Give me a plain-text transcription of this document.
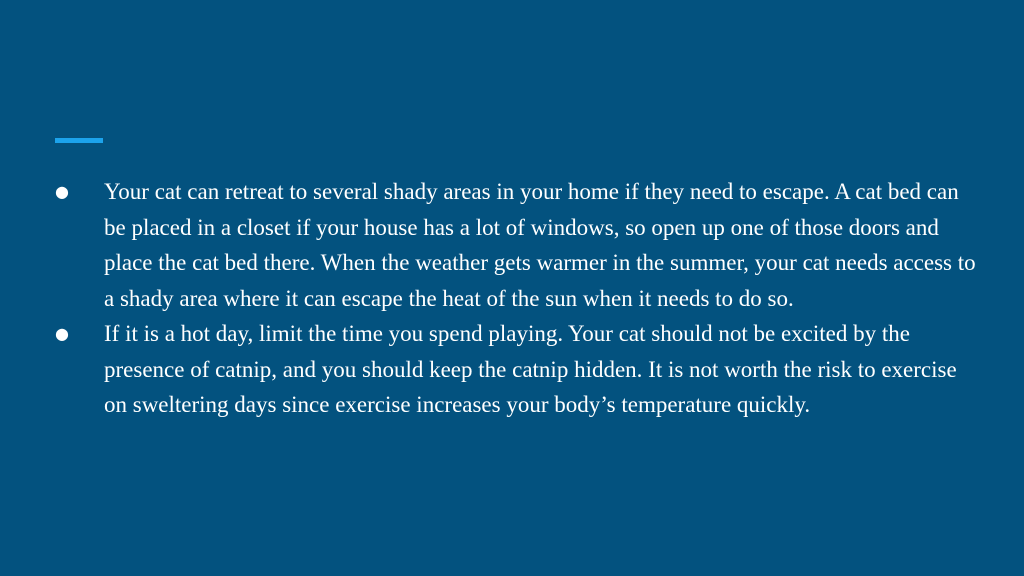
● Your cat can retreat to several shady areas in your home if they need to escape. A cat bed can be placed in a closet if your house has a lot of windows, so open up one of those doors and place the cat bed there. When the weather gets warmer in the summer, your cat needs access to a shady area where it can escape the heat of the sun when it needs to do so.
● If it is a hot day, limit the time you spend playing. Your cat should not be excited by the presence of catnip, and you should keep the catnip hidden. It is not worth the risk to exercise on sweltering days since exercise increases your body’s temperature quickly.
